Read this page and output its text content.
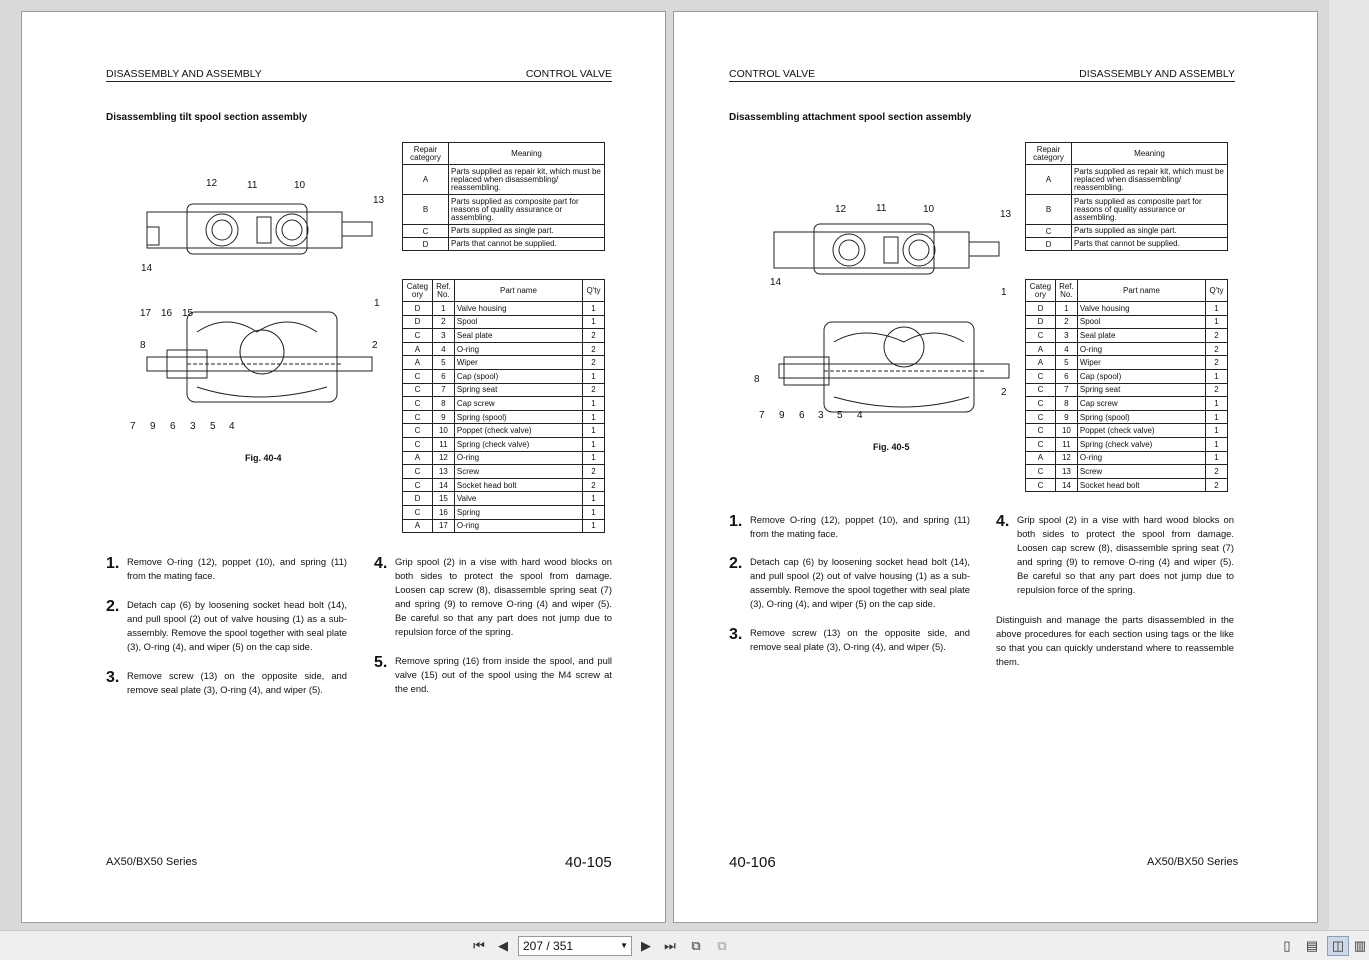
DISASSEMBLY AND ASSEMBLY	CONTROL VALVE
Disassembling tilt spool section assembly
12	11	10
13
14
17 16 15
8
1
2
7 9 6 3 5 4
Fig. 40-4
Repair category	Meaning
A	Parts supplied as repair kit, which must be replaced when disassembling/ reassembling.
B	Parts supplied as composite part for reasons of quality assurance or assembling.
C	Parts supplied as single part.
D	Parts that cannot be supplied.
Categ ory	Ref. No.	Part name	Q'ty
D	1	Valve housing	1
D	2	Spool	1
C	3	Seal plate	2
A	4	O-ring	2
A	5	Wiper	2
C	6	Cap (spool)	1
C	7	Spring seat	2
C	8	Cap screw	1
C	9	Spring (spool)	1
C	10	Poppet (check valve)	1
C	11	Spring (check valve)	1
A	12	O-ring	1
C	13	Screw	2
C	14	Socket head bolt	2
D	15	Valve	1
C	16	Spring	1
A	17	O-ring	1
1. Remove O-ring (12), poppet (10), and spring (11) from the mating face.
2. Detach cap (6) by loosening socket head bolt (14), and pull spool (2) out of valve housing (1) as a sub-assembly. Remove the spool together with seal plate (3), O-ring (4), and wiper (5) on the cap side.
3. Remove screw (13) on the opposite side, and remove seal plate (3), O-ring (4), and wiper (5).
4. Grip spool (2) in a vise with hard wood blocks on both sides to protect the spool from damage. Loosen cap screw (8), disassemble spring seat (7) and spring (9) to remove O-ring (4) and wiper (5). Be careful so that any part does not jump due to repulsion force of the spring.
5. Remove spring (16) from inside the spool, and pull valve (15) out of the spool using the M4 screw at the end.
AX50/BX50 Series	40-105
CONTROL VALVE	DISASSEMBLY AND ASSEMBLY
Disassembling attachment spool section assembly
12	11	10	13
14
1
8
2
7 9 6 3 5 4
Fig. 40-5
Repair category	Meaning
A	Parts supplied as repair kit, which must be replaced when disassembling/ reassembling.
B	Parts supplied as composite part for reasons of quality assurance or assembling.
C	Parts supplied as single part.
D	Parts that cannot be supplied.
Categ ory	Ref. No.	Part name	Q'ty
D	1	Valve housing	1
D	2	Spool	1
C	3	Seal plate	2
A	4	O-ring	2
A	5	Wiper	2
C	6	Cap (spool)	1
C	7	Spring seat	2
C	8	Cap screw	1
C	9	Spring (spool)	1
C	10	Poppet (check valve)	1
C	11	Spring (check valve)	1
A	12	O-ring	1
C	13	Screw	2
C	14	Socket head bolt	2
1. Remove O-ring (12), poppet (10), and spring (11) from the mating face.
2. Detach cap (6) by loosening socket head bolt (14), and pull spool (2) out of valve housing (1) as a sub-assembly. Remove the spool together with seal plate (3), O-ring (4), and wiper (5) on the cap side.
3. Remove screw (13) on the opposite side, and remove seal plate (3), O-ring (4), and wiper (5).
4. Grip spool (2) in a vise with hard wood blocks on both sides to protect the spool from damage. Loosen cap screw (8), disassemble spring seat (7) and spring (9) to remove O-ring (4) and wiper (5). Be careful so that any part does not jump due to repulsion force of the spring.
Distinguish and manage the parts disassembled in the above procedures for each section using tags or the like so that you can quickly understand where to reassemble them.
40-106	AX50/BX50 Series
⏮	◀	207 / 351	▼	▶	⏭	⧉	⧉	▯	▤	◫ ▥
